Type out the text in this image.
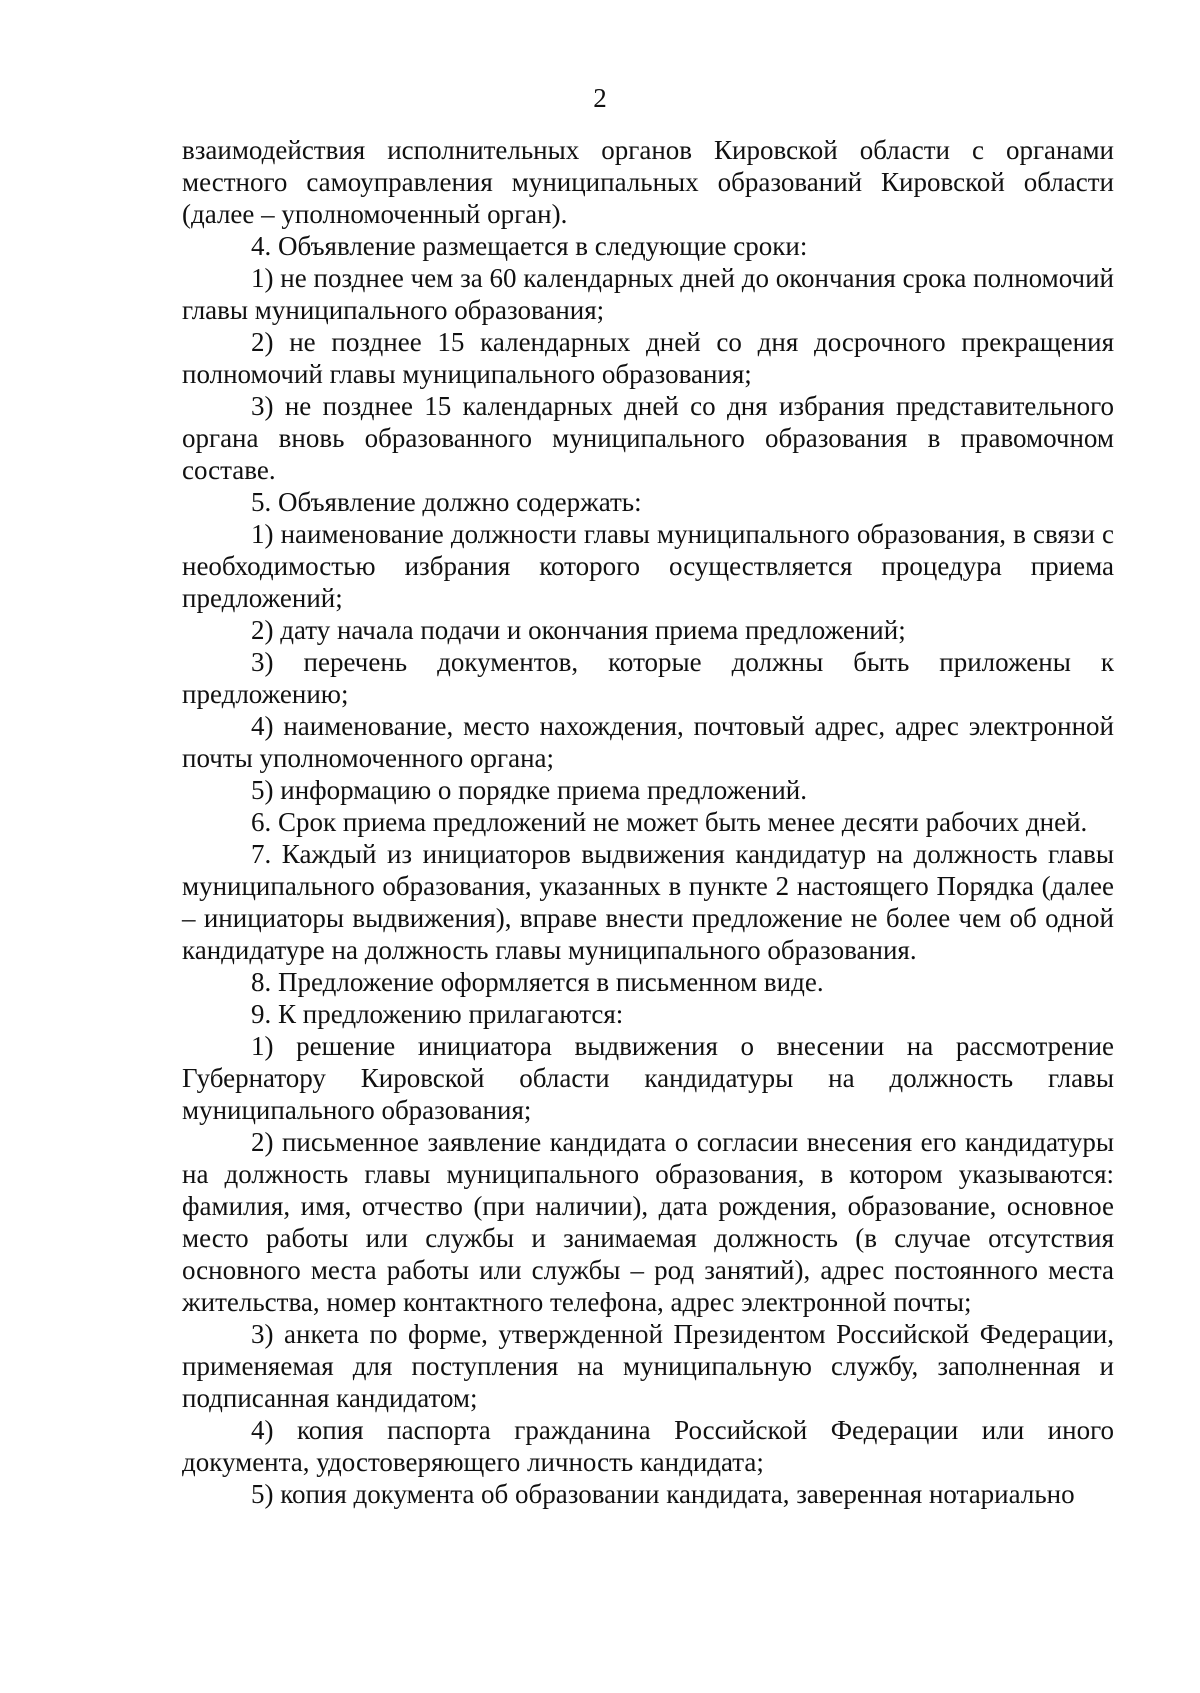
2

взаимодействия исполнительных органов Кировской области с органами местного самоуправления муниципальных образований Кировской области (далее – уполномоченный орган).

4. Объявление размещается в следующие сроки:

1) не позднее чем за 60 календарных дней до окончания срока полномочий главы муниципального образования;

2) не позднее 15 календарных дней со дня досрочного прекращения полномочий главы муниципального образования;

3) не позднее 15 календарных дней со дня избрания представительного органа вновь образованного муниципального образования в правомочном составе.

5. Объявление должно содержать:

1) наименование должности главы муниципального образования, в связи с необходимостью избрания которого осуществляется процедура приема предложений;

2) дату начала подачи и окончания приема предложений;

3) перечень документов, которые должны быть приложены к предложению;

4) наименование, место нахождения, почтовый адрес, адрес электронной почты уполномоченного органа;

5) информацию о порядке приема предложений.

6. Срок приема предложений не может быть менее десяти рабочих дней.

7. Каждый из инициаторов выдвижения кандидатур на должность главы муниципального образования, указанных в пункте 2 настоящего Порядка (далее – инициаторы выдвижения), вправе внести предложение не более чем об одной кандидатуре на должность главы муниципального образования.

8. Предложение оформляется в письменном виде.

9. К предложению прилагаются:

1) решение инициатора выдвижения о внесении на рассмотрение Губернатору Кировской области кандидатуры на должность главы муниципального образования;

2) письменное заявление кандидата о согласии внесения его кандидатуры на должность главы муниципального образования, в котором указываются: фамилия, имя, отчество (при наличии), дата рождения, образование, основное место работы или службы и занимаемая должность (в случае отсутствия основного места работы или службы – род занятий), адрес постоянного места жительства, номер контактного телефона, адрес электронной почты;

3) анкета по форме, утвержденной Президентом Российской Федерации, применяемая для поступления на муниципальную службу, заполненная и подписанная кандидатом;

4) копия паспорта гражданина Российской Федерации или иного документа, удостоверяющего личность кандидата;

5) копия документа об образовании кандидата, заверенная нотариально
